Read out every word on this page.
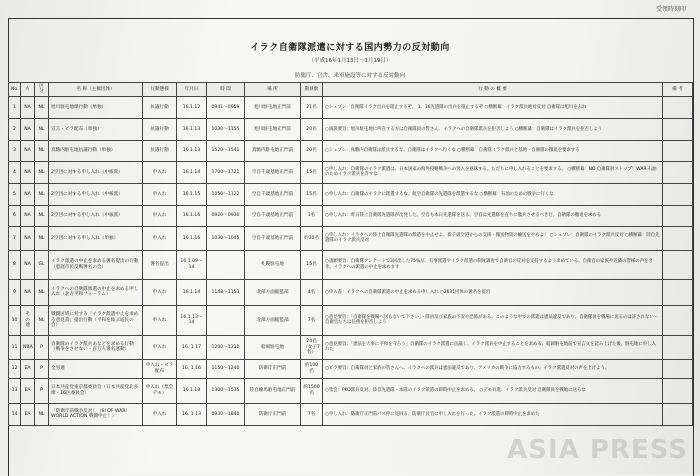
受領時刻印
イラク自衛隊派遣に対する国内勢力の反対動向
（平成16年1月13日～1月19日）
防衛庁、官舎、米軍施設等に対する反対動向
No.	方	区分	名 称（主催団体）	行動態様	年月日	時 間	場 所	動員数	行 動 の 概 要	備 考
1	NA	NL	旭川駐屯地爆行動（単独）	抗議行動	16.1.12	0941～0959	旭川駐屯地正門前	21名	○シュプレ：自衛隊イラク出兵を阻止するぞ。 1．16先遣隊の出兵を阻止するぞ ○横断幕：イラク派兵絶対反対 自衛隊は旭川を去れ	
2	NA	NL	宣言・ビラ配布（単独）	抗議行動	16.1.13	1030～1155	旭川駐屯地正門前	20名	○演説要旨：旭川駐屯地に所在する方は自衛隊員の皆さん、イラクへの自衛隊派兵を拒否しよう ○横断幕：自衛隊はイラク派兵を拒否しよう	
3	NA	NL	真駒内駐屯地抗議行動（単独）	抗議行動	16.1.13	1520～1541	真駒内駐屯地正門前	20名	○シュプレ：真駒内自衛隊は派兵するな。自衛隊はイラクへ行くな ○横断幕：自衛隊イラク派兵と基地・自衛隊の撤退を要求する	
4	NA	NL	2空団に対する申し入れ（中核派）	申入れ	16.1.14	1700～1721	空自千歳基地正門前	15名	○申し入れ：自衛隊のイラク派遣は、日本国家の海外侵略戦争への突入を意味する。ただちに申し入れることを要求する。 ○横断幕：NO 自衛隊員ストップ！WAR 石油のためイラク派兵を許すな	
5	NA	NL	2空団に対する申し入れ（中核派）	申入れ	16.1.15	1050～1122	空自千歳基地正門前	15名	○申し入れ：自衛隊のイラクに派遣するな。航空自衛隊の先遣隊を派遣するな ○横断幕：石油のための戦争に行くな	
6	NA	NL	2空団に対する申し入れ（中核派）	申入れ	16.1.16	0920～0930	空自千歳基地正門前	3名	○申し入れ：昨日陸上自衛隊先遣隊が出発した。空自も本日先遣隊を送る。空自は先遣隊を直ちに撤兵させるべきだ。自衛隊の撤退を求める	
7	NA	NL	2空団に対する申し入れ（単独）	申入れ	16.1.16	1030～1045	空自千歳基地正門前	約20名	○申し入れ：イラクへの陸上自衛隊先遣隊の派遣を中止せよ。新千歳空港からの支援・搬送物資の輸送をやめよ！ ○シュプレ：自衛隊のイラク派兵反対 ○横断幕：陸自先遣隊のイラク派兵反対	
8	NA	GL	イラク派遣の中止を求める署名提出の行動（恵庭市民反戦署名の会）	署名提出	16.1.09～14		札幌駐屯地	15名	○請願要旨：自衛隊アンケートで3回出した75%が、有事派遣やイラク派遣の制度調査で自衛官の反対を支持するよう求めている。自衛官の家族や近隣の皆様の声をきき、イラクへの派遣の中止を求めます	
9	NA	NL	イラクへの自衛隊派遣の中止を求める申し入れ（北方平和フォーラム）	申入れ	16.1.14	1148～1153	北部方面総監部	4名	○申入書：イラクへの自衛隊派遣の中止を求める申し入れ ○2631団体の署名を提出	
10	その他	NL	戦闘区域に対する「イラク派遣中止を求める意見書」提出行動（平和を結ぶ道民の会）	申入れ	16.1.13～14		北部方面総監部	7名	○意見要旨：「自衛隊を戦場へ送らないで下さい」・隊員及び家族の不安や恐怖がある。このような中での派遣は憲法違反であり、自衛隊員を戦場に送るのは許されない・自衛官たちは任務を拒否しよう	
11	NBA	P	自衛隊のイラク派兵あなどを求める行動（戦争をさせない・百万人署名運動）	申入れ	16. 1.17	1200～1210	船岡駐屯地	24名（女子7名）	○意見要旨：「憲法を大事に平和を守ろう」自衛隊のイラク派遣に抗議し、イラク派兵を中止することを求める。船岡駐屯地前で宣言文を読み上げた後、駐屯地に申し入れた	
12	EA	P	全労連	申入れ・ビラ配布	16. 1.16	1150～1240	防衛庁正門前	約100名	○ビラ要旨：自衛隊員と家族の皆さんへ。イラクへの派兵は憲法違反であり、アメリカの戦争に協力するもの。イラク派遣反対の声を上げよう。	
13	EA	P	日本共産党東京都委員会（日本共産党北多摩・16区委員会）	申入れ（集会デモ）	16.1.18	1300～1535	陸自練馬駐屯地正門前	約1500名	○集会：PKO派兵反対、陸自先遣隊・本隊のイラク派遣の即時中止を求める。 ○デモ行進：イラク派兵反対 自衛隊員を戦地に送るな	
14	EA	NL	「防衛庁前戦争反対！（SI OF WAR！WORLD ACTION 戦闘中止！）	申入れ	16. 1.13	0930～1840	防衛庁正門前	7名	○申し入れ：防衛庁正門前バス停に見回る、防衛庁長官に申し入れを行った。イラク派遣の即時中止を求めた	
ASIA PRESS
